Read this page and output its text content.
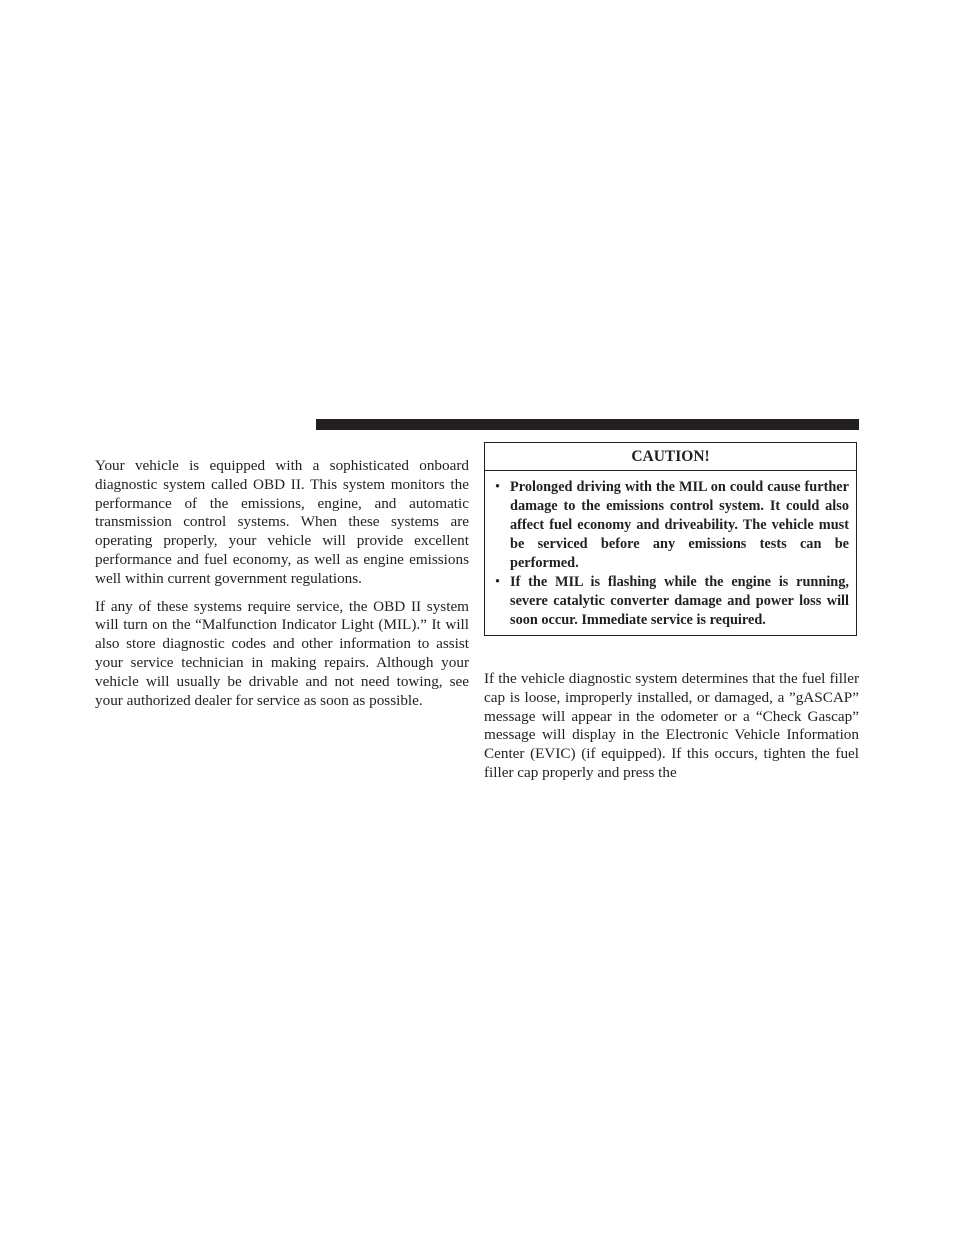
Your vehicle is equipped with a sophisticated onboard diagnostic system called OBD II. This system monitors the performance of the emissions, engine, and automatic transmission control systems. When these systems are operating properly, your vehicle will provide excellent performance and fuel economy, as well as engine emissions well within current government regulations.

If any of these systems require service, the OBD II system will turn on the “Malfunction Indicator Light (MIL).” It will also store diagnostic codes and other information to assist your service technician in making repairs. Although your vehicle will usually be drivable and not need towing, see your authorized dealer for service as soon as possible.

CAUTION!
• Prolonged driving with the MIL on could cause further damage to the emissions control system. It could also affect fuel economy and driveability. The vehicle must be serviced before any emissions tests can be performed.
• If the MIL is flashing while the engine is running, severe catalytic converter damage and power loss will soon occur. Immediate service is required.

If the vehicle diagnostic system determines that the fuel filler cap is loose, improperly installed, or damaged, a ”gASCAP” message will appear in the odometer or a “Check Gascap” message will display in the Electronic Vehicle Information Center (EVIC) (if equipped). If this occurs, tighten the fuel filler cap properly and press the
